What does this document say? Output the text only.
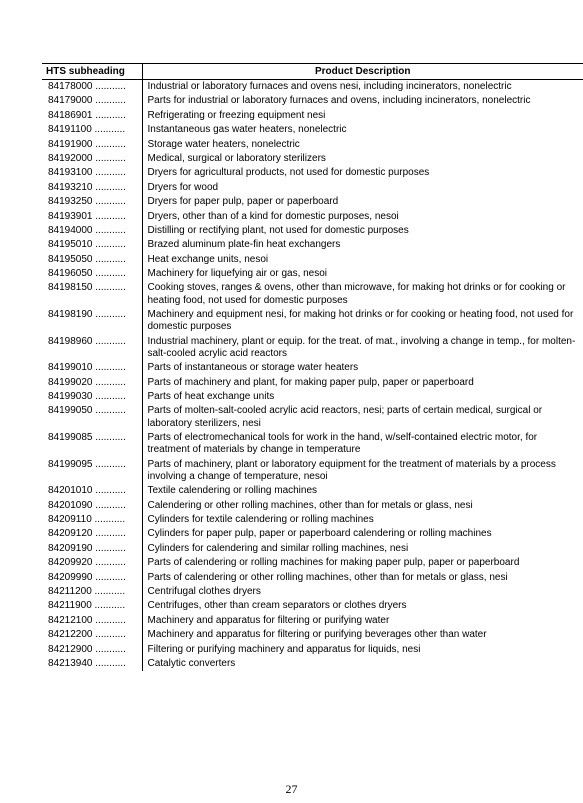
HTS subheading	Product Description
84178000 ...........	Industrial or laboratory furnaces and ovens nesi, including incinerators, nonelectric
84179000 ...........	Parts for industrial or laboratory furnaces and ovens, including incinerators, nonelectric
84186901 ...........	Refrigerating or freezing equipment nesi
84191100 ...........	Instantaneous gas water heaters, nonelectric
84191900 ...........	Storage water heaters, nonelectric
84192000 ...........	Medical, surgical or laboratory sterilizers
84193100 ...........	Dryers for agricultural products, not used for domestic purposes
84193210 ...........	Dryers for wood
84193250 ...........	Dryers for paper pulp, paper or paperboard
84193901 ...........	Dryers, other than of a kind for domestic purposes, nesoi
84194000 ...........	Distilling or rectifying plant, not used for domestic purposes
84195010 ...........	Brazed aluminum plate-fin heat exchangers
84195050 ...........	Heat exchange units, nesoi
84196050 ...........	Machinery for liquefying air or gas, nesoi
84198150 ...........	Cooking stoves, ranges & ovens, other than microwave, for making hot drinks or for cooking or heating food, not used for domestic purposes
84198190 ...........	Machinery and equipment nesi, for making hot drinks or for cooking or heating food, not used for domestic purposes
84198960 ...........	Industrial machinery, plant or equip. for the treat. of mat., involving a change in temp., for molten-salt-cooled acrylic acid reactors
84199010 ...........	Parts of instantaneous or storage water heaters
84199020 ...........	Parts of machinery and plant, for making paper pulp, paper or paperboard
84199030 ...........	Parts of heat exchange units
84199050 ...........	Parts of molten-salt-cooled acrylic acid reactors, nesi; parts of certain medical, surgical or laboratory sterilizers, nesi
84199085 ...........	Parts of electromechanical tools for work in the hand, w/self-contained electric motor, for treatment of materials by change in temperature
84199095 ...........	Parts of machinery, plant or laboratory equipment for the treatment of materials by a process involving a change of temperature, nesoi
84201010 ...........	Textile calendering or rolling machines
84201090 ...........	Calendering or other rolling machines, other than for metals or glass, nesi
84209110 ...........	Cylinders for textile calendering or rolling machines
84209120 ...........	Cylinders for paper pulp, paper or paperboard calendering or rolling machines
84209190 ...........	Cylinders for calendering and similar rolling machines, nesi
84209920 ...........	Parts of calendering or rolling machines for making paper pulp, paper or paperboard
84209990 ...........	Parts of calendering or other rolling machines, other than for metals or glass, nesi
84211200 ...........	Centrifugal clothes dryers
84211900 ...........	Centrifuges, other than cream separators or clothes dryers
84212100 ...........	Machinery and apparatus for filtering or purifying water
84212200 ...........	Machinery and apparatus for filtering or purifying beverages other than water
84212900 ...........	Filtering or purifying machinery and apparatus for liquids, nesi
84213940 ...........	Catalytic converters
27
